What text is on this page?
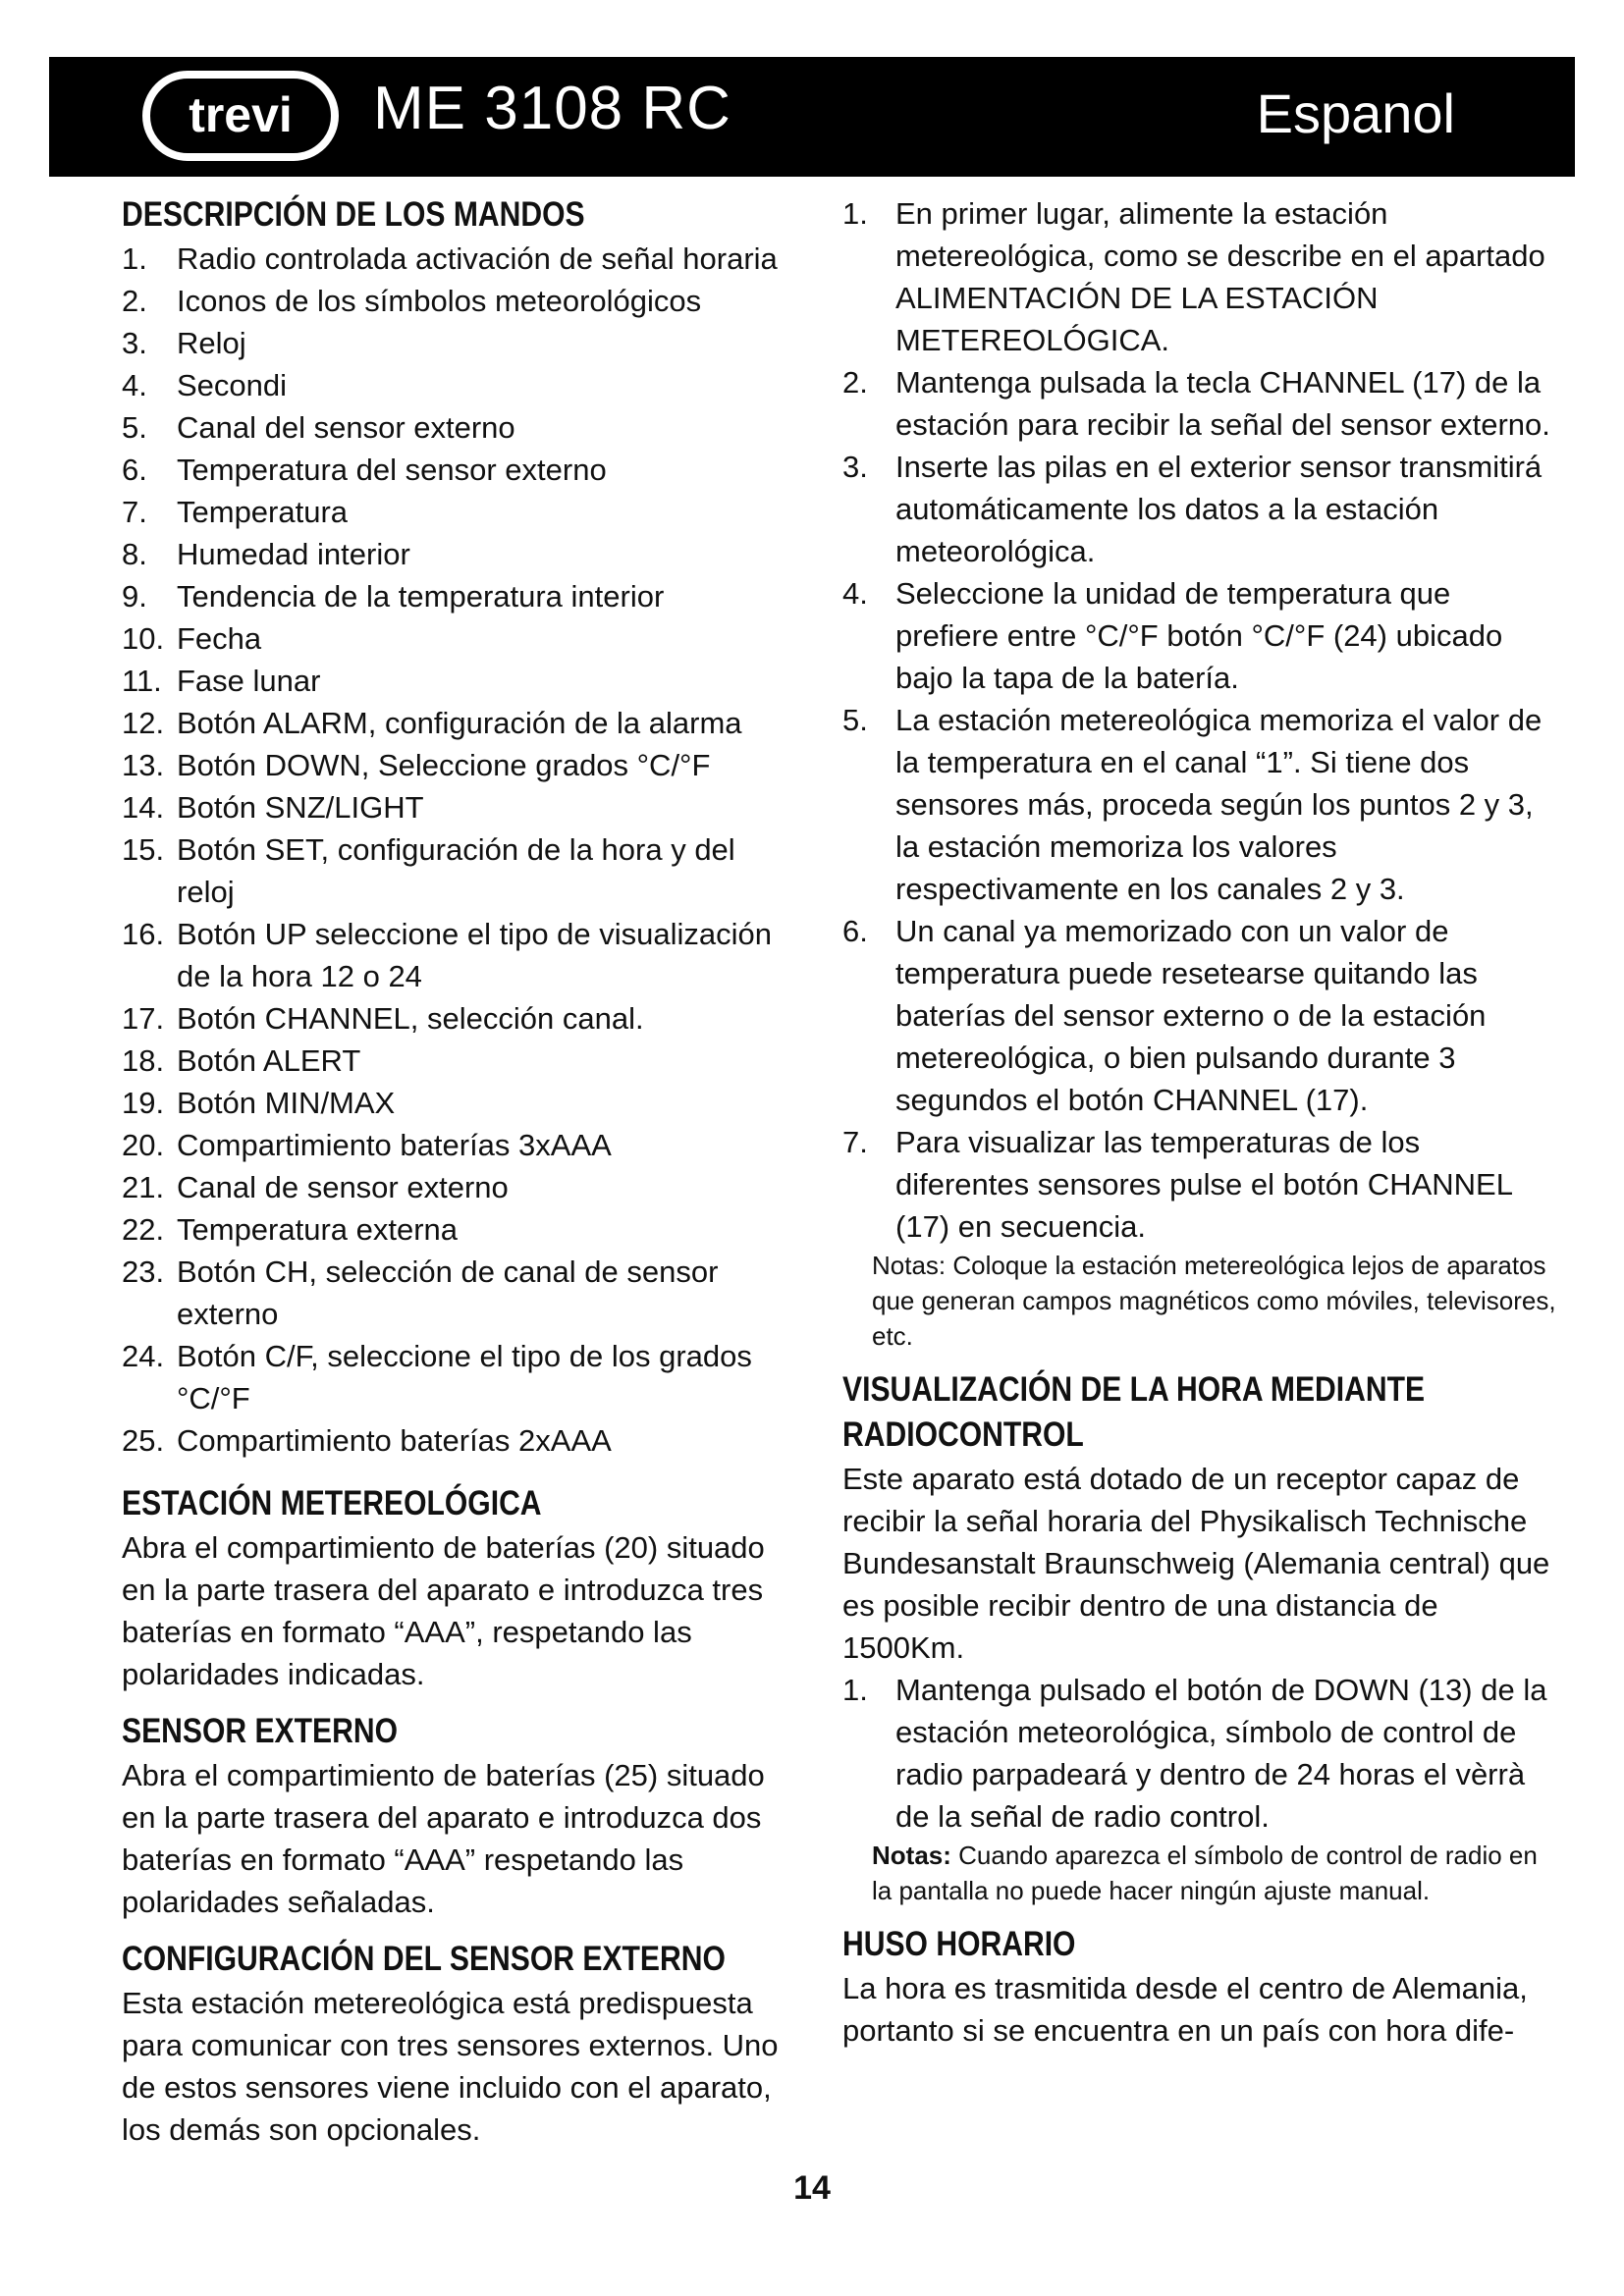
trevi ME 3108 RC	Espanol
DESCRIPCIÓN DE LOS MANDOS
1. Radio controlada activación de señal horaria
2. Iconos de los símbolos meteorológicos
3. Reloj
4. Secondi
5. Canal del sensor externo
6. Temperatura del sensor externo
7. Temperatura
8. Humedad interior
9. Tendencia de la temperatura interior
10. Fecha
11. Fase lunar
12. Botón ALARM, configuración de la alarma
13. Botón DOWN, Seleccione grados °C/°F
14. Botón SNZ/LIGHT
15. Botón SET, configuración de la hora y del reloj
16. Botón UP seleccione el tipo de visualización de la hora 12 o 24
17. Botón CHANNEL, selección canal.
18. Botón ALERT
19. Botón MIN/MAX
20. Compartimiento baterías 3xAAA
21. Canal de sensor externo
22. Temperatura externa
23. Botón CH, selección de canal de sensor externo
24. Botón C/F, seleccione el tipo de los grados °C/°F
25. Compartimiento baterías 2xAAA
ESTACIÓN METEREOLÓGICA

Abra el compartimiento de baterías (20) situado en la parte trasera del aparato e introduzca tres baterías en formato “AAA”, respetando las polaridades indicadas.

SENSOR EXTERNO

Abra el compartimiento de baterías (25) situado en la parte trasera del aparato e introduzca dos baterías en formato “AAA” respetando las polaridades señaladas.

CONFIGURACIÓN DEL SENSOR EXTERNO

Esta estación metereológica está predispuesta para comunicar con tres sensores externos. Uno de estos sensores viene incluido con el aparato, los demás son opcionales.

1. En primer lugar, alimente la estación metereológica, como se describe en el apartado ALIMENTACIÓN DE LA ESTACIÓN METEREOLÓGICA.
2. Mantenga pulsada la tecla CHANNEL (17) de la estación para recibir la señal del sensor externo.
3. Inserte las pilas en el exterior sensor transmitirá automáticamente los datos a la estación meteorológica.
4. Seleccione la unidad de temperatura que prefiere entre °C/°F botón °C/°F (24) ubicado bajo la tapa de la batería.
5. La estación metereológica memoriza el valor de la temperatura en el canal “1”. Si tiene dos sensores más, proceda según los puntos 2 y 3, la estación memoriza los valores respectivamente en los canales 2 y 3.
6. Un canal ya memorizado con un valor de temperatura puede resetearse quitando las baterías del sensor externo o de la estación metereológica, o bien pulsando durante 3 segundos el botón CHANNEL (17).
7. Para visualizar las temperaturas de los diferentes sensores pulse el botón CHANNEL (17) en secuencia.
Notas: Coloque la estación metereológica lejos de aparatos que generan campos magnéticos como móviles, televisores, etc.
VISUALIZACIÓN DE LA HORA MEDIANTE
RADIOCONTROL

Este aparato está dotado de un receptor capaz de recibir la señal horaria del Physikalisch Technische Bundesanstalt Braunschweig (Alemania central) que es posible recibir dentro de una distancia de 1500Km.

1. Mantenga pulsado el botón de DOWN (13) de la estación meteorológica, símbolo de control de radio parpadeará y dentro de 24 horas el vèrrà de la señal de radio control.
Notas: Cuando aparezca el símbolo de control de radio en la pantalla no puede hacer ningún ajuste manual.
HUSO HORARIO

La hora es trasmitida desde el centro de Alemania, portanto si se encuentra en un país con hora dife-

14
